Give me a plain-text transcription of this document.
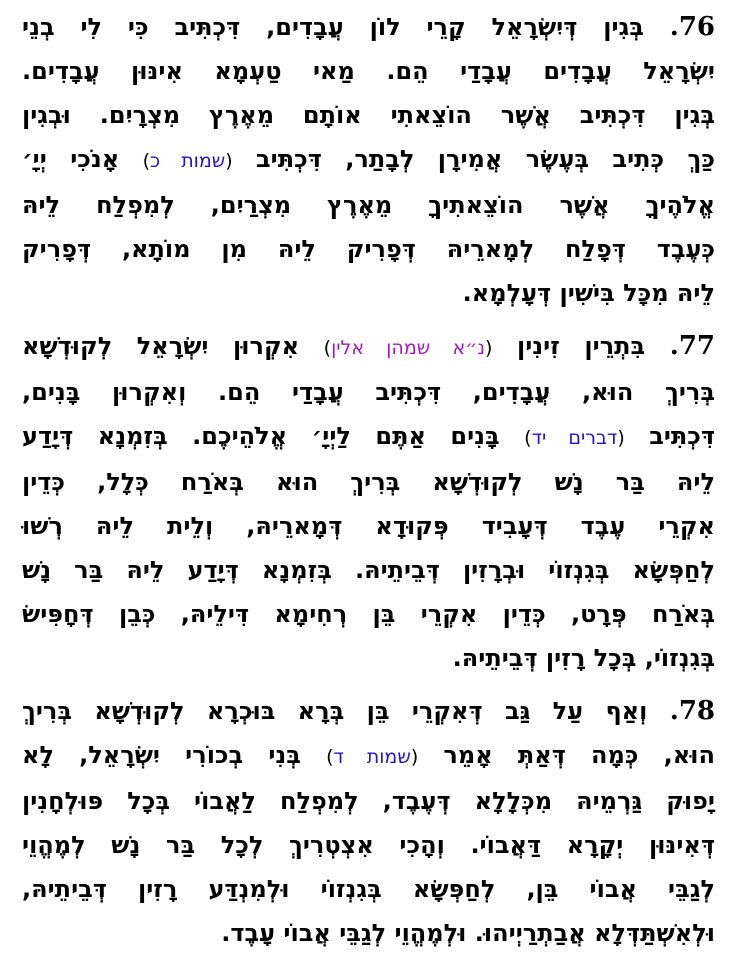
76. בְּגִין דְּיִשְׂרָאֵל קָרֵי לוֹן עֲבָדִים, דִּכְתִּיב כִּי לִי בְנֵי
יִשְׂרָאֵל עֲבָדִים עֲבָדַי הֵם. מַאי טַעְמָא אִינּוּן עֲבָדִים.
בְּגִין דִּכְתִּיב אֲשֶׁר הוֹצֵאתִי אוֹתָם מֵאֶרֶץ מִצְרָיִם. וּבְגִין
כַּךְ כְּתִיב בְּעֶשֶׂר אֲמִירָן לְבָתַר, דִּכְתִּיב (שמות כ) אָנֹכִי יְיָ׳
אֱלֹהֶיךָ אֲשֶׁר הוֹצֵאתִיךָ מֵאֶרֶץ מִצְרַיִם, לְמִפְלַח לֵיהּ
כְּעֶבֶד דְּפָלַח לְמָארֵיהּ דְּפָרִיק לֵיהּ מִן מוֹתָא, דְּפָרִיק
לֵיהּ מִכָּל בִּישִׁין דְּעָלְמָא.
77. בִּתְרֵין זִינִין (נ״א שמהן אלין) אִקְרוּן יִשְׂרָאֵל לְקוּדְשָׁא
בְּרִיךְ הוּא, עֲבָדִים, דִּכְתִּיב עֲבָדַי הֵם. וְאִקְרוּן בָּנִים,
דִּכְתִּיב (דברים יד) בָּנִים אַתֶּם לַיְיָ׳ אֱלֹהֵיכֶם. בְּזִמְנָא דְּיָדַע
לֵיהּ בַּר נָשׁ לְקוּדְשָׁא בְּרִיךְ הוּא בְּאֹרַח כְּלָל, כְּדֵין
אִקְרֵי עֶבֶד דְּעָבִיד פְּקוּדָא דְּמָארֵיהּ, וְלֵית לֵיהּ רְשׁוּ
לְחַפְּשָׂא בְּגִנְזוֹי וּבְרָזִין דְּבֵיתֵיהּ. בְּזִמְנָא דְּיָדַע לֵיהּ בַּר נָשׁ
בְּאֹרַח פְּרָט, כְּדֵין אִקְרֵי בֵּן רְחִימָא דִּילֵיהּ, כְּבֵן דְּחָפִּישׂ
בְּגִנְזוֹי, בְּכָל רָזִין דְּבֵיתֵיהּ.
78. וְאַף עַל גַּב דְּאִקְרֵי בֵּן בְּרָא בּוּכְרָא לְקוּדְשָׁא בְּרִיךְ
הוּא, כְּמָה דְּאַתְּ אָמֵר (שמות ד) בְּנִי בְכוֹרִי יִשְׂרָאֵל, לָא
יָפוּק גַּרְמֵיהּ מִכְּלָלָא דְּעֶבֶד, לְמִפְלַח לַאֲבוֹי בְּכָל פּוּלְחָנִין
דְּאִינּוּן יְקָרָא דַּאֲבוֹי. וְהָכִי אִצְטְרִיךְ לְכָל בַּר נָשׁ לְמֶהֱוֵי
לְגַבֵּי אֲבוֹי בֵּן, לְחַפְּשָׂא בְּגִנְזוֹי וּלְמִנְדַּע רָזִין דְּבֵיתֵיהּ,
וּלְאִשְׁתַּדְּלָא אֲבַתְרַיְיהוּ. וּלְמֶהֱוֵי לְגַבֵּי אֲבוֹי עָבֶד.
